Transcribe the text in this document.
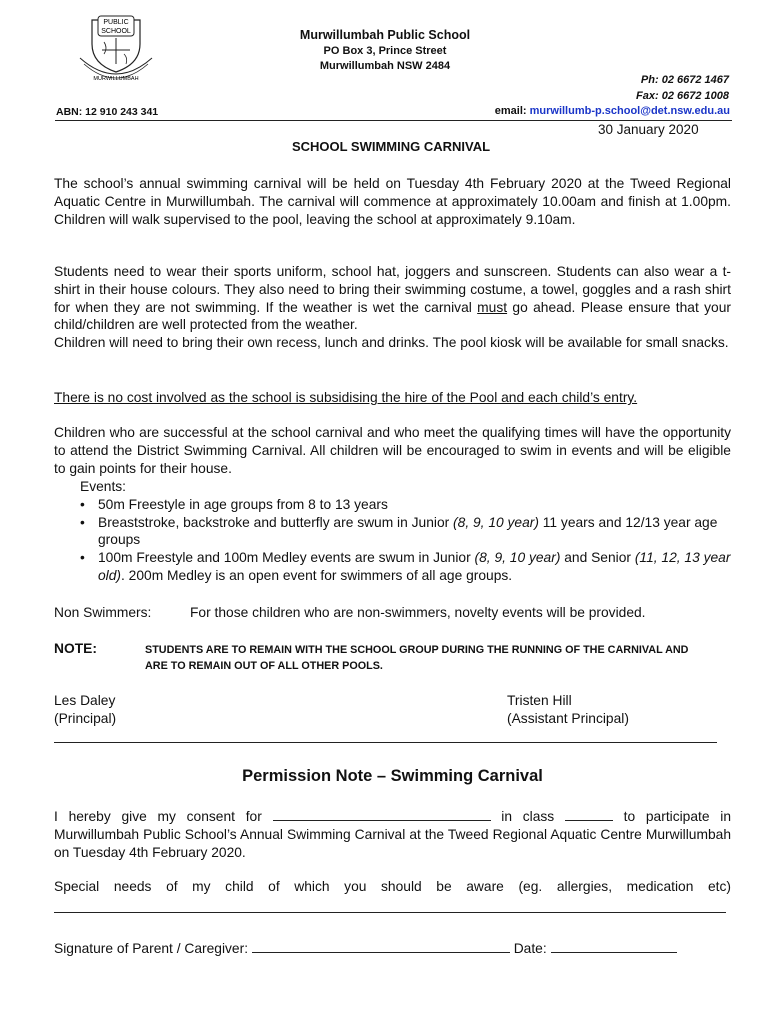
PUBLIC
SCHOOL
MURWILLUMBAH
Murwillumbah Public School
PO Box 3, Prince Street
Murwillumbah NSW 2484
Ph: 02 6672 1467
Fax: 02 6672 1008
email: murwillumb-p.school@det.nsw.edu.au
ABN: 12 910 243 341
30 January 2020
SCHOOL SWIMMING CARNIVAL
The school’s annual swimming carnival will be held on Tuesday 4th February 2020 at the Tweed Regional Aquatic Centre in Murwillumbah. The carnival will commence at approximately 10.00am and finish at 1.00pm. Children will walk supervised to the pool, leaving the school at approximately 9.10am.
Students need to wear their sports uniform, school hat, joggers and sunscreen. Students can also wear a t-shirt in their house colours. They also need to bring their swimming costume, a towel, goggles and a rash shirt for when they are not swimming. If the weather is wet the carnival must go ahead. Please ensure that your child/children are well protected from the weather.
Children will need to bring their own recess, lunch and drinks. The pool kiosk will be available for small snacks.
There is no cost involved as the school is subsidising the hire of the Pool and each child’s entry.
Children who are successful at the school carnival and who meet the qualifying times will have the opportunity to attend the District Swimming Carnival. All children will be encouraged to swim in events and will be eligible to gain points for their house.
Events:
• 50m Freestyle in age groups from 8 to 13 years
• Breaststroke, backstroke and butterfly are swum in Junior (8, 9, 10 year) 11 years and 12/13 year age groups
• 100m Freestyle and 100m Medley events are swum in Junior (8, 9, 10 year) and Senior (11, 12, 13 year old). 200m Medley is an open event for swimmers of all age groups.
Non Swimmers:	For those children who are non-swimmers, novelty events will be provided.
NOTE:	STUDENTS ARE TO REMAIN WITH THE SCHOOL GROUP DURING THE RUNNING OF THE CARNIVAL AND ARE TO REMAIN OUT OF ALL OTHER POOLS.
Les Daley
(Principal)
Tristen Hill
(Assistant Principal)
Permission Note – Swimming Carnival
I hereby give my consent for	in class	to participate in Murwillumbah Public School’s Annual Swimming Carnival at the Tweed Regional Aquatic Centre Murwillumbah on Tuesday 4th February 2020.
Special needs of my child of which you should be aware (eg. allergies, medication etc)
Signature of Parent / Caregiver:	Date:
